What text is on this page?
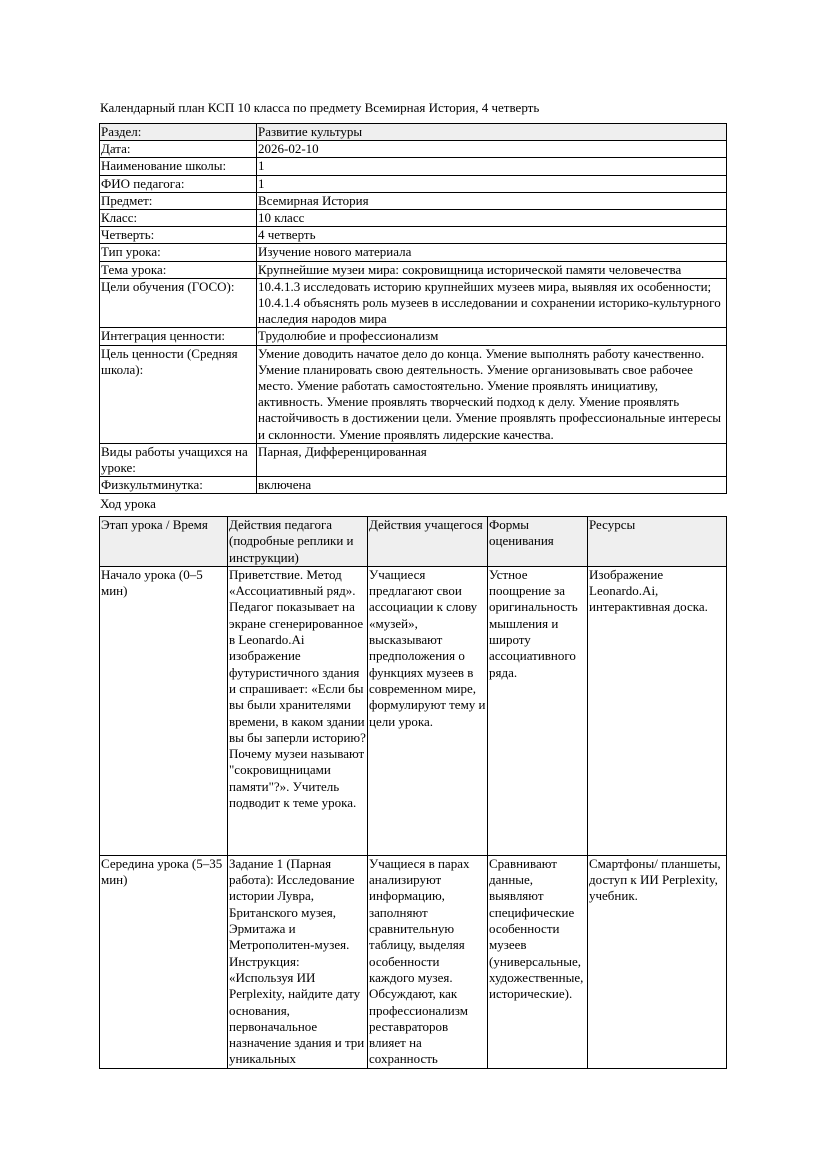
Календарный план КСП 10 класса по предмету Всемирная История, 4 четверть
Раздел:	Развитие культуры
Дата:	2026-02-10
Наименование школы:	1
ФИО педагога:	1
Предмет:	Всемирная История
Класс:	10 класс
Четверть:	4 четверть
Тип урока:	Изучение нового материала
Тема урока:	Крупнейшие музеи мира: сокровищница исторической памяти человечества
Цели обучения (ГОСО):	10.4.1.3 исследовать историю крупнейших музеев мира, выявляя их особенности; 10.4.1.4 объяснять роль музеев в исследовании и сохранении историко-культурного наследия народов мира
Интеграция ценности:	Трудолюбие и профессионализм
Цель ценности (Средняя школа):	Умение доводить начатое дело до конца. Умение выполнять работу качественно. Умение планировать свою деятельность. Умение организовывать свое рабочее место. Умение работать самостоятельно. Умение проявлять инициативу, активность. Умение проявлять творческий подход к делу. Умение проявлять настойчивость в достижении цели. Умение проявлять профессиональные интересы и склонности. Умение проявлять лидерские качества.
Виды работы учащихся на уроке:	Парная, Дифференцированная
Физкультминутка:	включена
Ход урока
Этап урока / Время	Действия педагога (подробные реплики и инструкции)	Действия учащегося	Формы оценивания	Ресурсы
Начало урока (0–5 мин)	Приветствие. Метод «Ассоциативный ряд». Педагог показывает на экране сгенерированное в Leonardo.Ai изображение футуристичного здания и спрашивает: «Если бы вы были хранителями времени, в каком здании вы бы заперли историю? Почему музеи называют "сокровищницами памяти"?». Учитель подводит к теме урока.	Учащиеся предлагают свои ассоциации к слову «музей», высказывают предположения о функциях музеев в современном мире, формулируют тему и цели урока.	Устное поощрение за оригинальность мышления и широту ассоциативного ряда.	Изображение Leonardo.Ai, интерактивная доска.
Середина урока (5–35 мин)	Задание 1 (Парная работа): Исследование истории Лувра, Британского музея, Эрмитажа и Метрополитен-музея. Инструкция: «Используя ИИ Perplexity, найдите дату основания, первоначальное назначение здания и три уникальных	Учащиеся в парах анализируют информацию, заполняют сравнительную таблицу, выделяя особенности каждого музея. Обсуждают, как профессионализм реставраторов влияет на сохранность	Сравнивают данные, выявляют специфические особенности музеев (универсальные, художественные, исторические).	Смартфоны/ планшеты, доступ к ИИ Perplexity, учебник.
